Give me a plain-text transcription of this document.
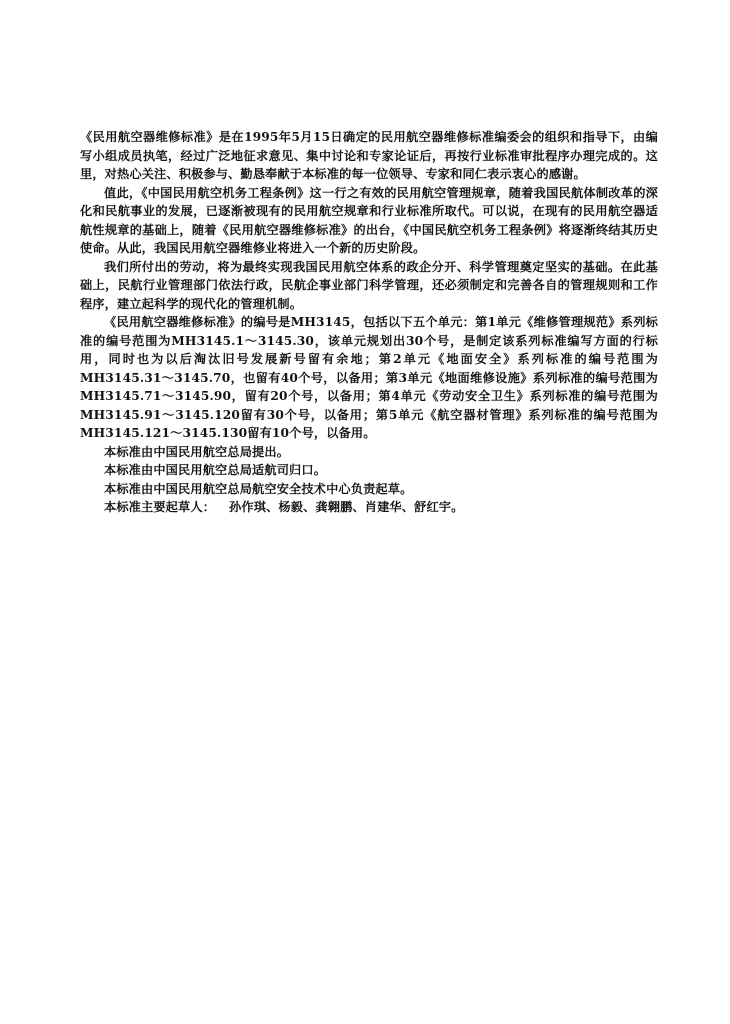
《民用航空器维修标准》是在1995年5月15日确定的民用航空器维修标准编委会的组织和指导下，由编写小组成员执笔，经过广泛地征求意见、集中讨论和专家论证后，再按行业标准审批程序办理完成的。这里，对热心关注、积极参与、勤恳奉献于本标准的每一位领导、专家和同仁表示衷心的感谢。

值此，《中国民用航空机务工程条例》这一行之有效的民用航空管理规章，随着我国民航体制改革的深化和民航事业的发展，已逐渐被现有的民用航空规章和行业标准所取代。可以说，在现有的民用航空器适航性规章的基础上，随着《民用航空器维修标准》的出台，《中国民航空机务工程条例》将逐渐终结其历史使命。从此，我国民用航空器维修业将进入一个新的历史阶段。

我们所付出的劳动，将为最终实现我国民用航空体系的政企分开、科学管理奠定坚实的基础。在此基础上，民航行业管理部门依法行政，民航企事业部门科学管理，还必须制定和完善各自的管理规则和工作程序，建立起科学的现代化的管理机制。

《民用航空器维修标准》的编号是MH3145，包括以下五个单元：第1单元《维修管理规范》系列标准的编号范围为MH3145.1～3145.30，该单元规划出30个号，是制定该系列标准编写方面的行标用，同时也为以后淘汰旧号发展新号留有余地；第2单元《地面安全》系列标准的编号范围为MH3145.31～3145.70，也留有40个号，以备用；第3单元《地面维修设施》系列标准的编号范围为MH3145.71～3145.90，留有20个号，以备用；第4单元《劳动安全卫生》系列标准的编号范围为MH3145.91～3145.120留有30个号，以备用；第5单元《航空器材管理》系列标准的编号范围为MH3145.121～3145.130留有10个号，以备用。

本标准由中国民用航空总局提出。

本标准由中国民用航空总局适航司归口。

本标准由中国民用航空总局航空安全技术中心负责起草。

本标准主要起草人： 孙作琪、杨毅、龚翱鹏、肖建华、舒红宇。
